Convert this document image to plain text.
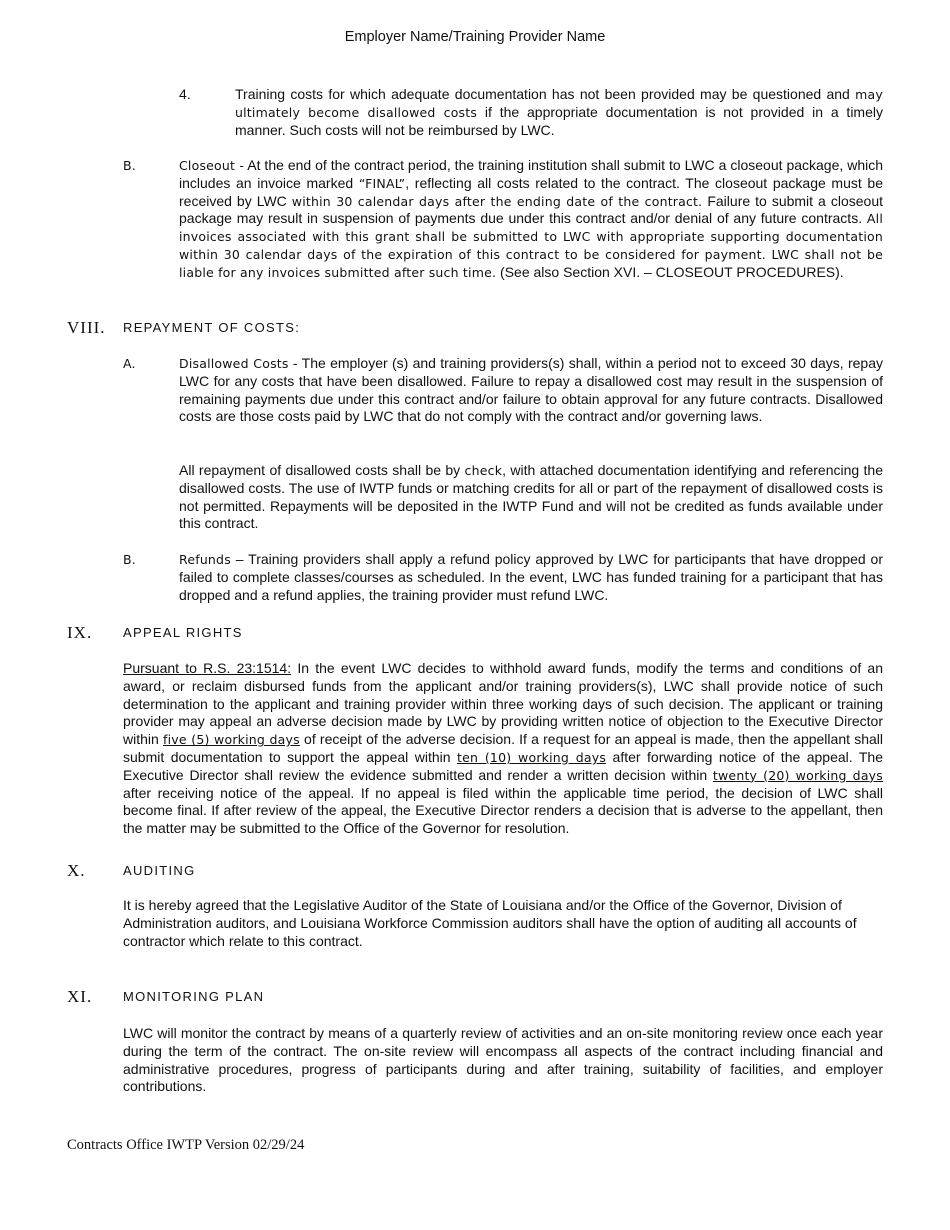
Employer Name/Training Provider Name
4.	Training costs for which adequate documentation has not been provided may be questioned and may ultimately become disallowed costs if the appropriate documentation is not provided in a timely manner. Such costs will not be reimbursed by LWC.
B.	Closeout - At the end of the contract period, the training institution shall submit to LWC a closeout package, which includes an invoice marked “FINAL”, reflecting all costs related to the contract. The closeout package must be received by LWC within 30 calendar days after the ending date of the contract. Failure to submit a closeout package may result in suspension of payments due under this contract and/or denial of any future contracts. All invoices associated with this grant shall be submitted to LWC with appropriate supporting documentation within 30 calendar days of the expiration of this contract to be considered for payment. LWC shall not be liable for any invoices submitted after such time. (See also Section XVI. – CLOSEOUT PROCEDURES).
VIII. REPAYMENT OF COSTS:
A.	Disallowed Costs - The employer (s) and training providers(s) shall, within a period not to exceed 30 days, repay LWC for any costs that have been disallowed. Failure to repay a disallowed cost may result in the suspension of remaining payments due under this contract and/or failure to obtain approval for any future contracts. Disallowed costs are those costs paid by LWC that do not comply with the contract and/or governing laws.
All repayment of disallowed costs shall be by check, with attached documentation identifying and referencing the disallowed costs. The use of IWTP funds or matching credits for all or part of the repayment of disallowed costs is not permitted. Repayments will be deposited in the IWTP Fund and will not be credited as funds available under this contract.
B.	Refunds – Training providers shall apply a refund policy approved by LWC for participants that have dropped or failed to complete classes/courses as scheduled. In the event, LWC has funded training for a participant that has dropped and a refund applies, the training provider must refund LWC.
IX. APPEAL RIGHTS
Pursuant to R.S. 23:1514: In the event LWC decides to withhold award funds, modify the terms and conditions of an award, or reclaim disbursed funds from the applicant and/or training providers(s), LWC shall provide notice of such determination to the applicant and training provider within three working days of such decision. The applicant or training provider may appeal an adverse decision made by LWC by providing written notice of objection to the Executive Director within five (5) working days of receipt of the adverse decision. If a request for an appeal is made, then the appellant shall submit documentation to support the appeal within ten (10) working days after forwarding notice of the appeal. The Executive Director shall review the evidence submitted and render a written decision within twenty (20) working days after receiving notice of the appeal. If no appeal is filed within the applicable time period, the decision of LWC shall become final. If after review of the appeal, the Executive Director renders a decision that is adverse to the appellant, then the matter may be submitted to the Office of the Governor for resolution.
X.	AUDITING
It is hereby agreed that the Legislative Auditor of the State of Louisiana and/or the Office of the Governor, Division of Administration auditors, and Louisiana Workforce Commission auditors shall have the option of auditing all accounts of contractor which relate to this contract.
XI. MONITORING PLAN
LWC will monitor the contract by means of a quarterly review of activities and an on-site monitoring review once each year during the term of the contract. The on-site review will encompass all aspects of the contract including financial and administrative procedures, progress of participants during and after training, suitability of facilities, and employer contributions.
Contracts Office IWTP Version 02/29/24
